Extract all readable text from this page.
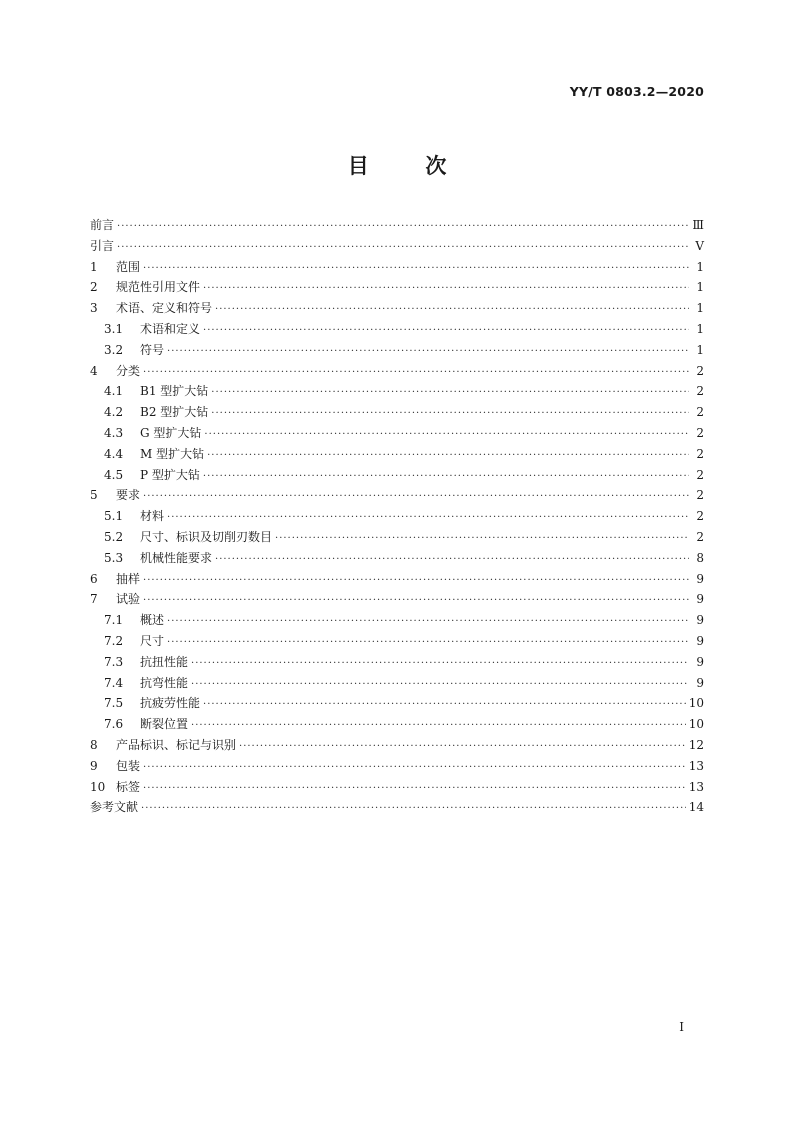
YY/T 0803.2—2020
目	次
前言 ·····	Ⅲ
引言 ·····	Ⅴ
1 范围 ·····	1
2 规范性引用文件 ·····	1
3 术语、定义和符号 ·····	1
3.1 术语和定义 ·····	1
3.2 符号 ·····	1
4 分类 ·····	2
4.1 B1 型扩大钻 ·····	2
4.2 B2 型扩大钻 ·····	2
4.3 G 型扩大钻 ·····	2
4.4 M 型扩大钻 ·····	2
4.5 P 型扩大钻 ·····	2
5 要求 ·····	2
5.1 材料 ·····	2
5.2 尺寸、标识及切削刃数目 ·····	2
5.3 机械性能要求 ·····	8
6 抽样 ·····	9
7 试验 ·····	9
7.1 概述 ·····	9
7.2 尺寸 ·····	9
7.3 抗扭性能 ·····	9
7.4 抗弯性能 ·····	9
7.5 抗疲劳性能 ·····	10
7.6 断裂位置 ·····	10
8 产品标识、标记与识别 ·····	12
9 包装 ·····	13
10 标签 ·····	13
参考文献 ·····	14
Ⅰ
